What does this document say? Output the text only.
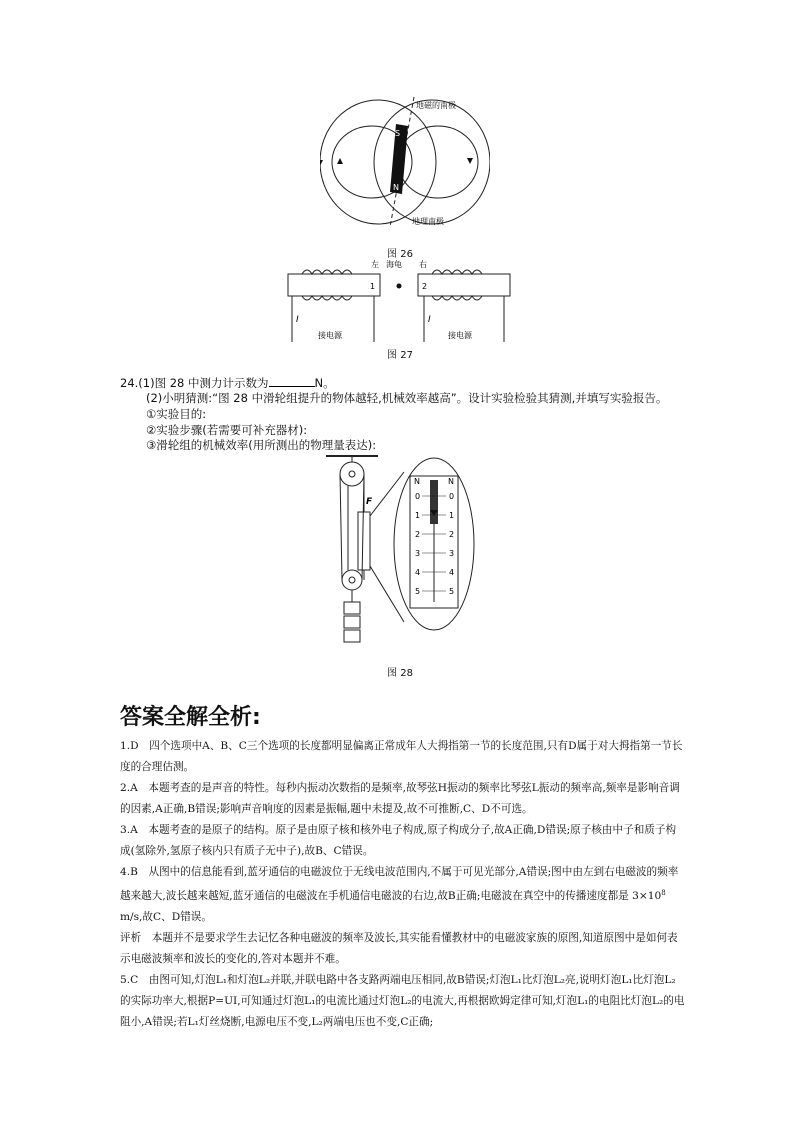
S
N
地磁的南极
地理南极
图 26
1	2
左 海龟 右
I	I
接电源	接电源
图 27
24.(1)图 28 中测力计示数为	N。
(2)小明猜测:“图 28 中滑轮组提升的物体越轻,机械效率越高”。设计实验检验其猜测,并填写实验报告。
①实验目的:
②实验步骤(若需要可补充器材):
③滑轮组的机械效率(用所测出的物理量表达):
F
N	N
0	0
1	1
2	2
3	3
4	4
5	5
图 28
答案全解全析:

1.D　四个选项中A、B、C三个选项的长度都明显偏离正常成年人大拇指第一节的长度范围,只有D属于对大拇指第一节长度的合理估测。

2.A　本题考查的是声音的特性。每秒内振动次数指的是频率,故琴弦H振动的频率比琴弦L振动的频率高,频率是影响音调的因素,A正确,B错误;影响声音响度的因素是振幅,题中未提及,故不可推断,C、D不可选。

3.A　本题考查的是原子的结构。原子是由原子核和核外电子构成,原子构成分子,故A正确,D错误;原子核由中子和质子构成(氢除外,氢原子核内只有质子无中子),故B、C错误。

4.B　从图中的信息能看到,蓝牙通信的电磁波位于无线电波范围内,不属于可见光部分,A错误;图中由左到右电磁波的频率越来越大,波长越来越短,蓝牙通信的电磁波在手机通信电磁波的右边,故B正确;电磁波在真空中的传播速度都是 $3\times 10^8$ m/s,故C、D错误。

评析　本题并不是要求学生去记忆各种电磁波的频率及波长,其实能看懂教材中的电磁波家族的原图,知道原图中是如何表示电磁波频率和波长的变化的,答对本题并不难。

5.C　由图可知,灯泡L₁和灯泡L₂并联,并联电路中各支路两端电压相同,故B错误;灯泡L₁比灯泡L₂亮,说明灯泡L₁比灯泡L₂的实际功率大,根据P=UI,可知通过灯泡L₁的电流比通过灯泡L₂的电流大,再根据欧姆定律可知,灯泡L₁的电阻比灯泡L₂的电阻小,A错误;若L₁灯丝烧断,电源电压不变,L₂两端电压也不变,C正确;
